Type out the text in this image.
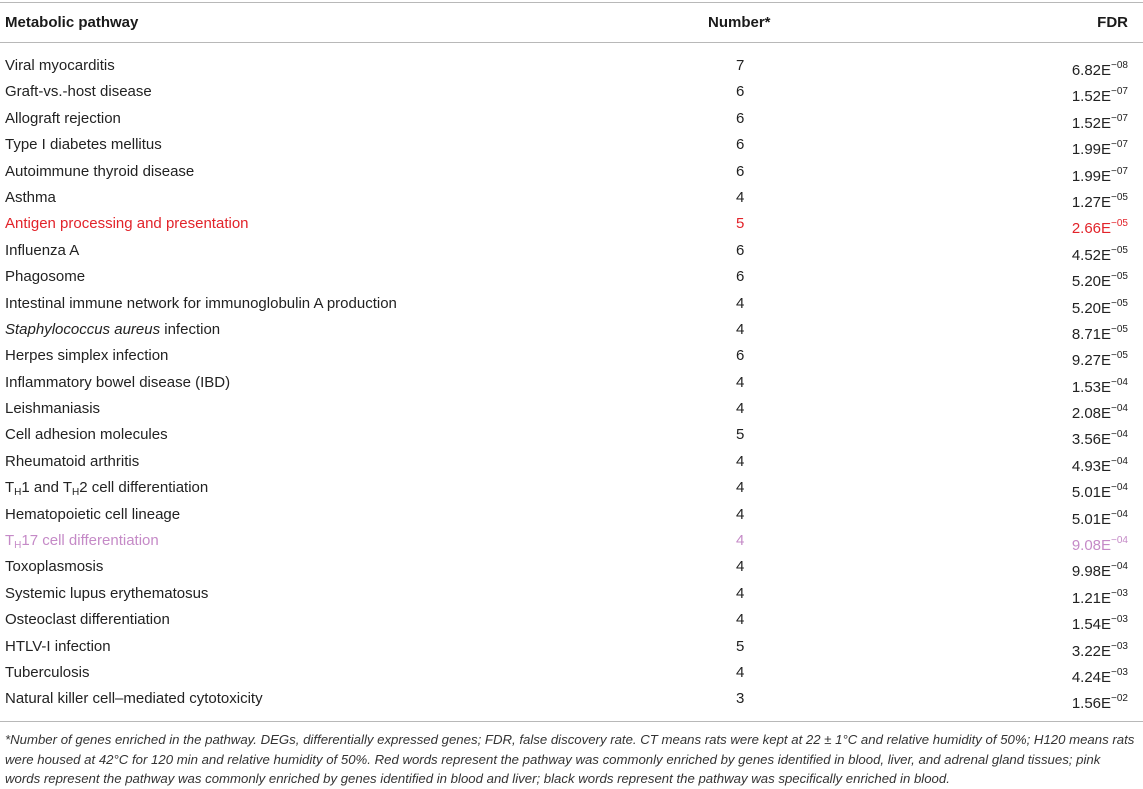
Metabolic pathway	Number*	FDR
Viral myocarditis	7	$6.82E^{-08}$
Graft-vs.-host disease	6	$1.52E^{-07}$
Allograft rejection	6	$1.52E^{-07}$
Type I diabetes mellitus	6	$1.99E^{-07}$
Autoimmune thyroid disease	6	$1.99E^{-07}$
Asthma	4	$1.27E^{-05}$
Antigen processing and presentation	5	$2.66E^{-05}$
Influenza A	6	$4.52E^{-05}$
Phagosome	6	$5.20E^{-05}$
Intestinal immune network for immunoglobulin A production	4	$5.20E^{-05}$
Staphylococcus aureus infection	4	$8.71E^{-05}$
Herpes simplex infection	6	$9.27E^{-05}$
Inflammatory bowel disease (IBD)	4	$1.53E^{-04}$
Leishmaniasis	4	$2.08E^{-04}$
Cell adhesion molecules	5	$3.56E^{-04}$
Rheumatoid arthritis	4	$4.93E^{-04}$
$T_H1$ and $T_H2$ cell differentiation	4	$5.01E^{-04}$
Hematopoietic cell lineage	4	$5.01E^{-04}$
$T_H17$ cell differentiation	4	$9.08E^{-04}$
Toxoplasmosis	4	$9.98E^{-04}$
Systemic lupus erythematosus	4	$1.21E^{-03}$
Osteoclast differentiation	4	$1.54E^{-03}$
HTLV-I infection	5	$3.22E^{-03}$
Tuberculosis	4	$4.24E^{-03}$
Natural killer cell–mediated cytotoxicity	3	$1.56E^{-02}$
*Number of genes enriched in the pathway. DEGs, differentially expressed genes; FDR, false discovery rate. CT means rats were kept at 22 ± 1°C and relative humidity of 50%; H120 means rats were housed at 42°C for 120 min and relative humidity of 50%. Red words represent the pathway was commonly enriched by genes identified in blood, liver, and adrenal gland tissues; pink words represent the pathway was commonly enriched by genes identified in blood and liver; black words represent the pathway was specifically enriched in blood.
